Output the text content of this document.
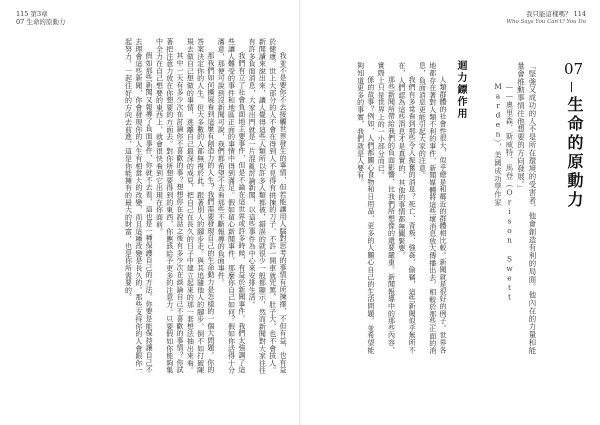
115 第3章
07 生命的原動力

我並不是要你不去接觸世界發生的事情，但若能讓用人腦對思考的事情有所揀擇，不但有益，也有益於健康。世上大部分的人不會在得到人不見得有挑揀的刀子，不許一開車就咒罵，肚子大、也不會拔人。新聞讀來說出來，讓人覺得這些人類所以許多人類都被，錯誤的就很少一般都顯示，然而新聞對大家往往有許多負面消息，大家出門就是一片混亂討論新聞，以這些事件為中心來安排生活。

我們有立了社會負面地主要事件，但是不論在這世界或許多時候，有益於新聞事件。我們太強調了這些讓人難受的事件和地區正面的事情中得到滿足。假如留心新聞事件，那麼你自己如何？假如你活得十分滿意，那便可說到沒新聞可說，我們都希望不去看那些不斷報導的負面事件。

那我們如何擴展看到這麼有創造力的人生？我們需要發現自己的生命動力是怎樣的一個大問題。你的答案決定你的人生。但大多數的人都無視於此，跟著別人的腳步走。與其追隨他人的腳步，倒不如打破陳規去做自己想做的事情，逃離自己最深的成見，把自己在長久的日子中建立起來的那一套想法抽出來看。

其中一天有多少次在討論你不喜歡的事？想想你在說話之後有多少次在談論自己不喜歡的事情？你試著把注意力放在你想要的方面去。對你所想要得到的東西，你應該給予更多的注意力。只要假如你能夠集中全力在自己想要的東西上，就會很快看到它出現在你面前。

假如那些新聞又報導了負面事件，你就不去看，這也是一種保護自己的方法。你要是能保持讓自己不去理會這些新聞，你會發現你的人生有相當大的改變，而且這種改變是長久的。那些支持你的人會跟你一起努力，一起往好的方向去前進，這是你能擁有的最大的財富，也是你所需要的。

我只能這樣嗎？ 114
Who Says You Can't? You Do
07
生命的原動力

「堅強又成功的人不是所在環境的受害者，他會創造有利的局面。他內在的力量和能量會推動事情往他想要的方向發展。」

——奧里森．斯威特．馬登（Orison Swett Marden），美國成功學作家

迴力鏢作用

人類群體的社會性很大，似乎總是和鄰近的群體相比較。新聞就是很好的例子。世界各地都存在著對人類不利的事件，新聞媒體將這些壞消息放大傳播出去，相較於那些正面的消息，負面消息更能引起大家的注意。

我們有多常看到那些令人振奮的消息？死亡、背叛、強姦、偷竊，這些新聞似乎無所不在，人們認為這些消息才是真實的，其他的事情都無關緊要。

那些新聞所帶給我們的負面影響，比我們所想像的還要嚴重。新聞報導中的那些內容，實際上只是世界上的一小部分而已。

係的故事？例如，人們都關心食物和日用品，更多的人關心自己的生活問題，並希望能夠知道更多的事實，我們就是人要有。
